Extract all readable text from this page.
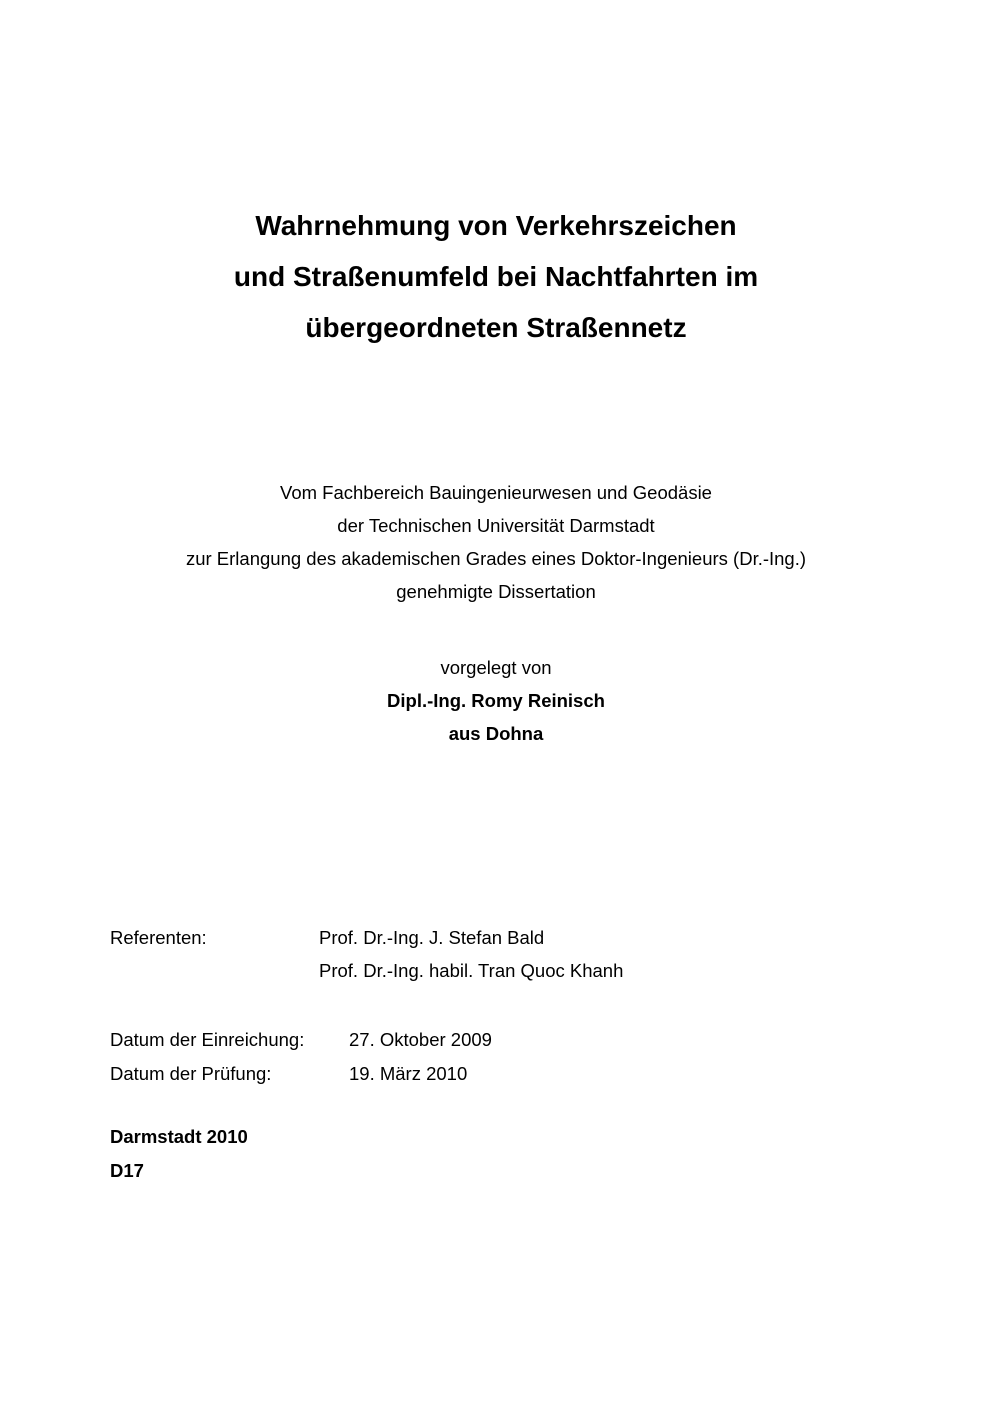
Wahrnehmung von Verkehrszeichen
und Straßenumfeld bei Nachtfahrten im
übergeordneten Straßennetz
Vom Fachbereich Bauingenieurwesen und Geodäsie
der Technischen Universität Darmstadt
zur Erlangung des akademischen Grades eines Doktor-Ingenieurs (Dr.-Ing.)
genehmigte Dissertation
vorgelegt von
Dipl.-Ing. Romy Reinisch
aus Dohna
Referenten:	Prof. Dr.-Ing. J. Stefan Bald
Prof. Dr.-Ing. habil. Tran Quoc Khanh
Datum der Einreichung: 27. Oktober 2009
Datum der Prüfung:	19. März 2010
Darmstadt 2010
D17
